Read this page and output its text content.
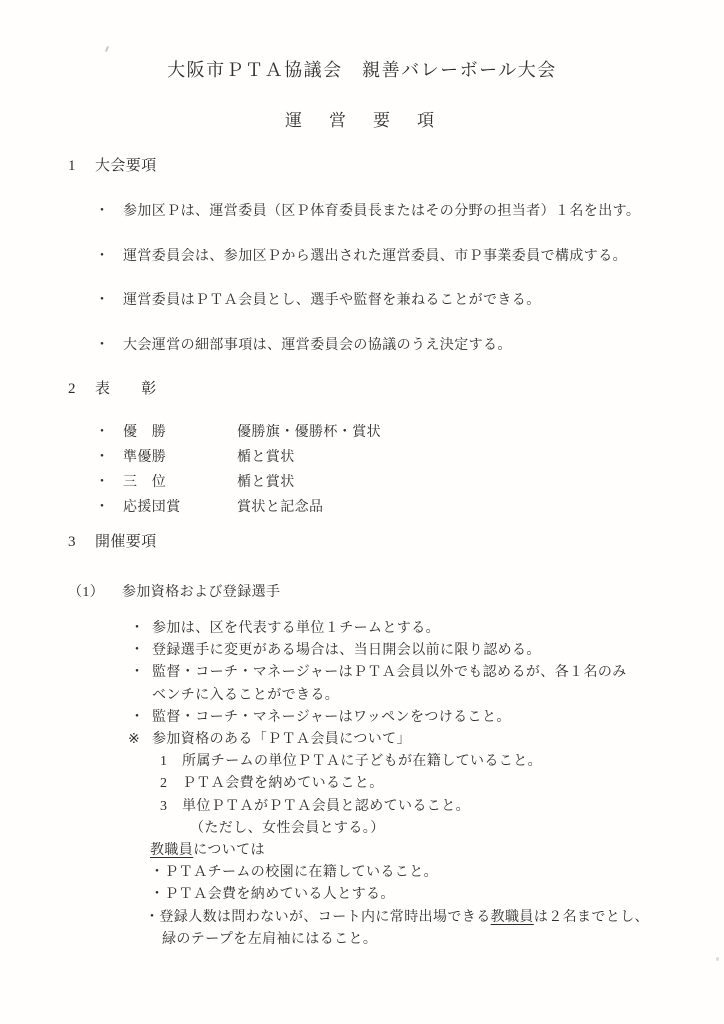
大阪市ＰＴＡ協議会　親善バレーボール大会
運　営　要　項
1 大会要項
・ 参加区Ｐは、運営委員（区Ｐ体育委員長またはその分野の担当者）１名を出す。
・ 運営委員会は、参加区Ｐから選出された運営委員、市Ｐ事業委員で構成する。
・ 運営委員はＰＴＡ会員とし、選手や監督を兼ねることができる。
・ 大会運営の細部事項は、運営委員会の協議のうえ決定する。
2 表　　彰
・ 優　勝	優勝旗・優勝杯・賞状
・ 準優勝	楯と賞状
・ 三　位	楯と賞状
・ 応援団賞	賞状と記念品
3 開催要項
（1） 参加資格および登録選手
・ 参加は、区を代表する単位１チームとする。
・ 登録選手に変更がある場合は、当日開会以前に限り認める。
・ 監督・コーチ・マネージャーはＰＴＡ会員以外でも認めるが、各１名のみ
ベンチに入ることができる。
・ 監督・コーチ・マネージャーはワッペンをつけること。
※ 参加資格のある「ＰＴＡ会員について」
1 所属チームの単位ＰＴＡに子どもが在籍していること。
2 ＰＴＡ会費を納めていること。
3 単位ＰＴＡがＰＴＡ会員と認めていること。
（ただし、女性会員とする。）
教職員については
・ＰＴＡチームの校園に在籍していること。
・ＰＴＡ会費を納めている人とする。
・登録人数は問わないが、コート内に常時出場できる教職員は２名までとし、
緑のテープを左肩袖にはること。
